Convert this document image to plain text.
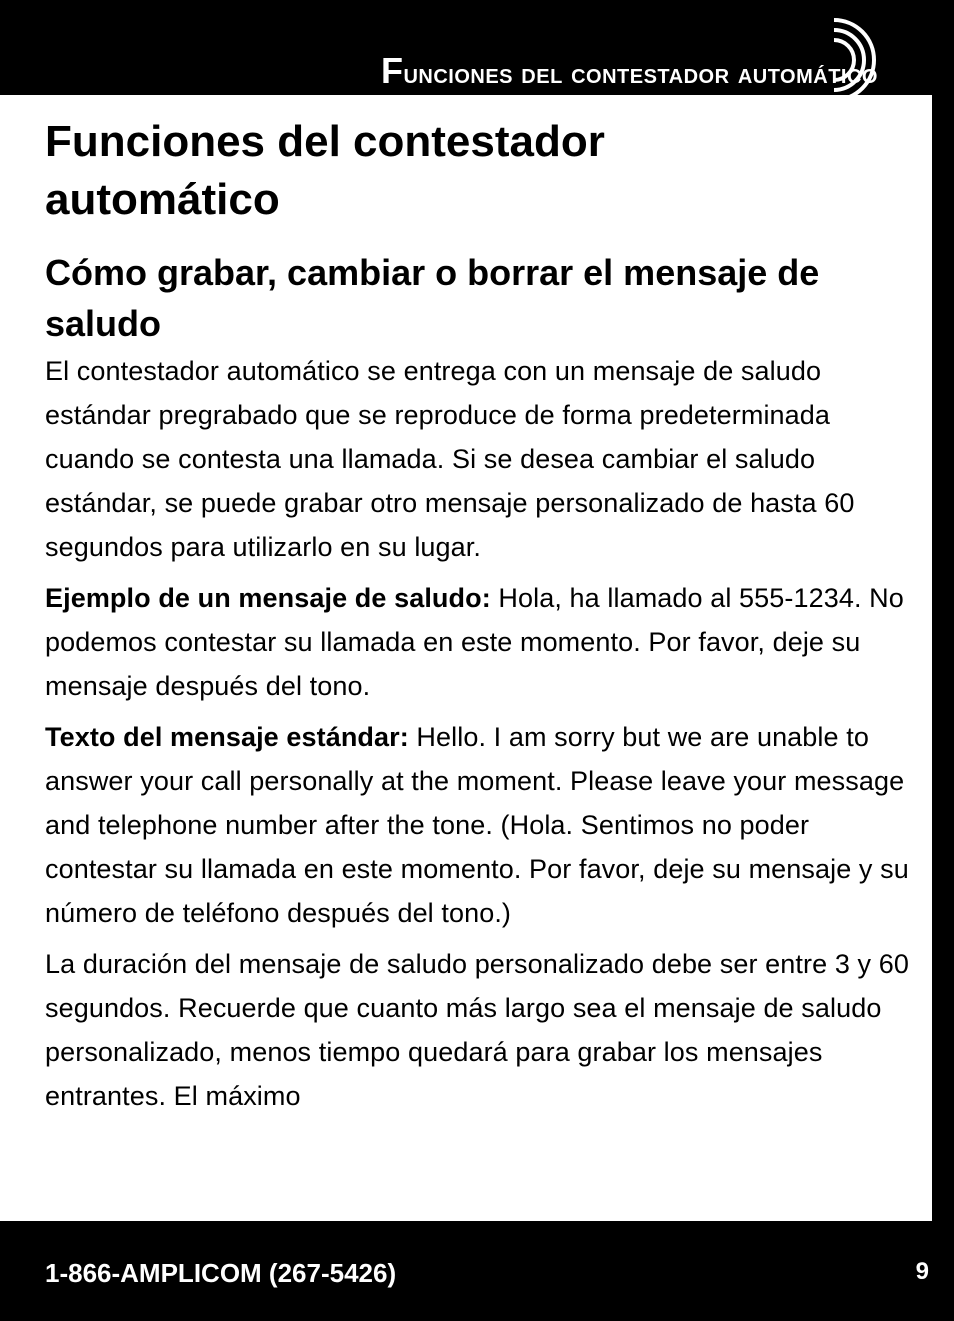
Funciones del contestador automático
Funciones del contestador automático
Cómo grabar, cambiar o borrar el mensaje de saludo

El contestador automático se entrega con un mensaje de saludo estándar pregrabado que se reproduce de forma predeterminada cuando se contesta una llamada. Si se desea cambiar el saludo estándar, se puede grabar otro mensaje personalizado de hasta 60 segundos para utilizarlo en su lugar.

Ejemplo de un mensaje de saludo: Hola, ha llamado al 555-1234. No podemos contestar su llamada en este momento. Por favor, deje su mensaje después del tono.

Texto del mensaje estándar: Hello. I am sorry but we are unable to answer your call personally at the moment. Please leave your message and telephone number after the tone. (Hola. Sentimos no poder contestar su llamada en este momento. Por favor, deje su mensaje y su número de teléfono después del tono.)

La duración del mensaje de saludo personalizado debe ser entre 3 y 60 segundos. Recuerde que cuanto más largo sea el mensaje de saludo personalizado, menos tiempo quedará para grabar los mensajes entrantes. El máximo

1-866-AMPLICOM (267-5426)	9
